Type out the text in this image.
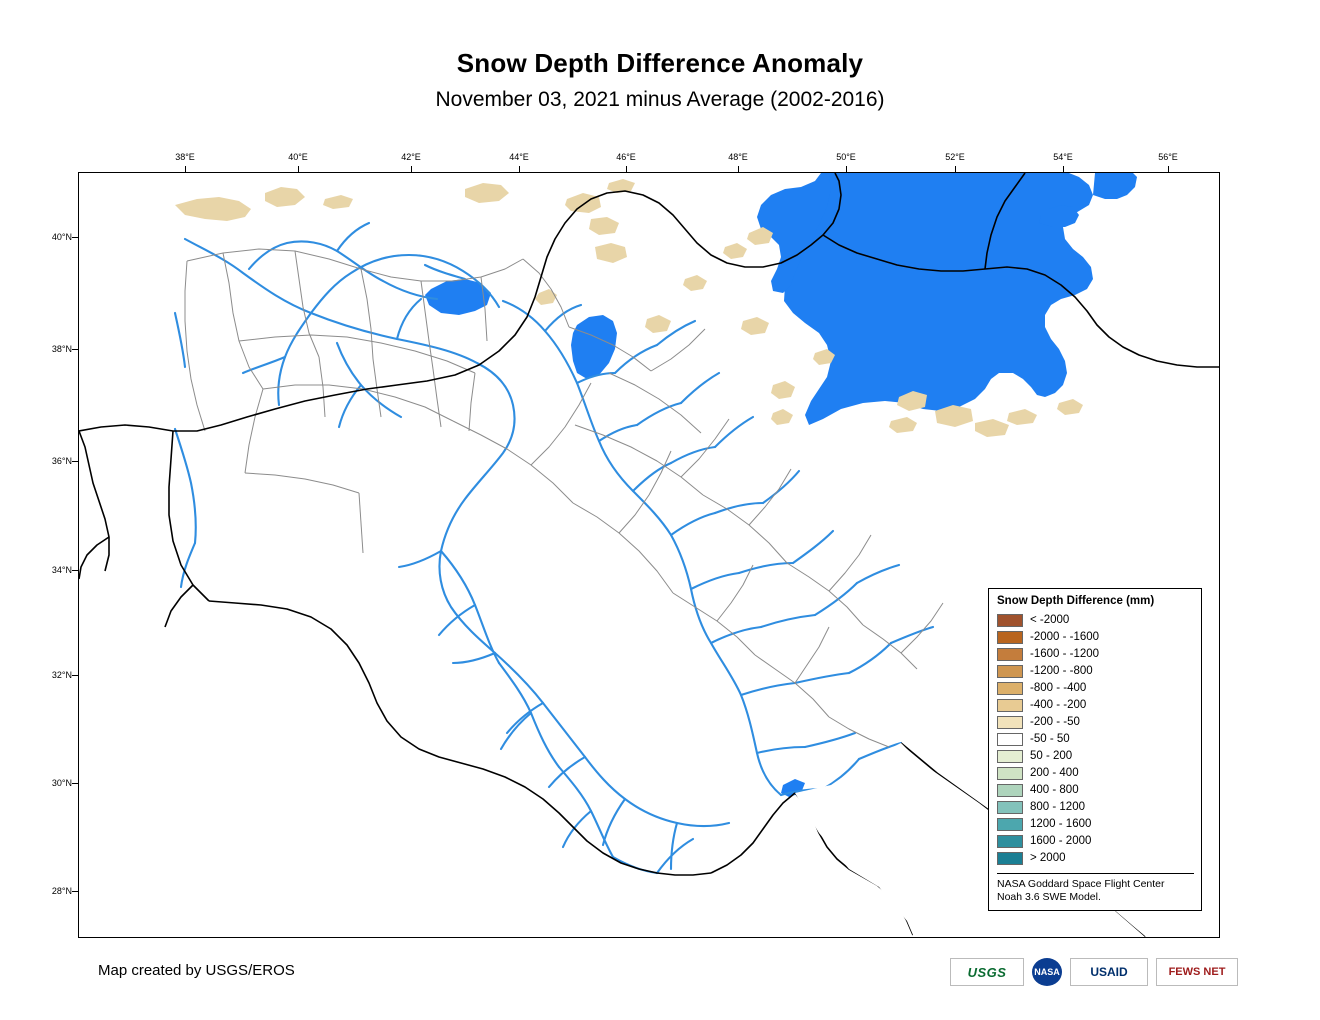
Snow Depth Difference Anomaly
November 03, 2021 minus Average (2002-2016)
38°E	40°E	42°E	44°E	46°E	48°E	50°E	52°E	54°E	56°E
40°N
38°N
36°N
34°N
32°N
30°N
28°N
Snow Depth Difference (mm)
< -2000
-2000 - -1600
-1600 - -1200
-1200 - -800
-800 - -400
-400 - -200
-200 - -50
-50 - 50
50 - 200
200 - 400
400 - 800
800 - 1200
1200 - 1600
1600 - 2000
> 2000
NASA Goddard Space Flight Center
Noah 3.6 SWE Model.
Map created by USGS/EROS	USGS	NASA	USAID	FEWS NET
